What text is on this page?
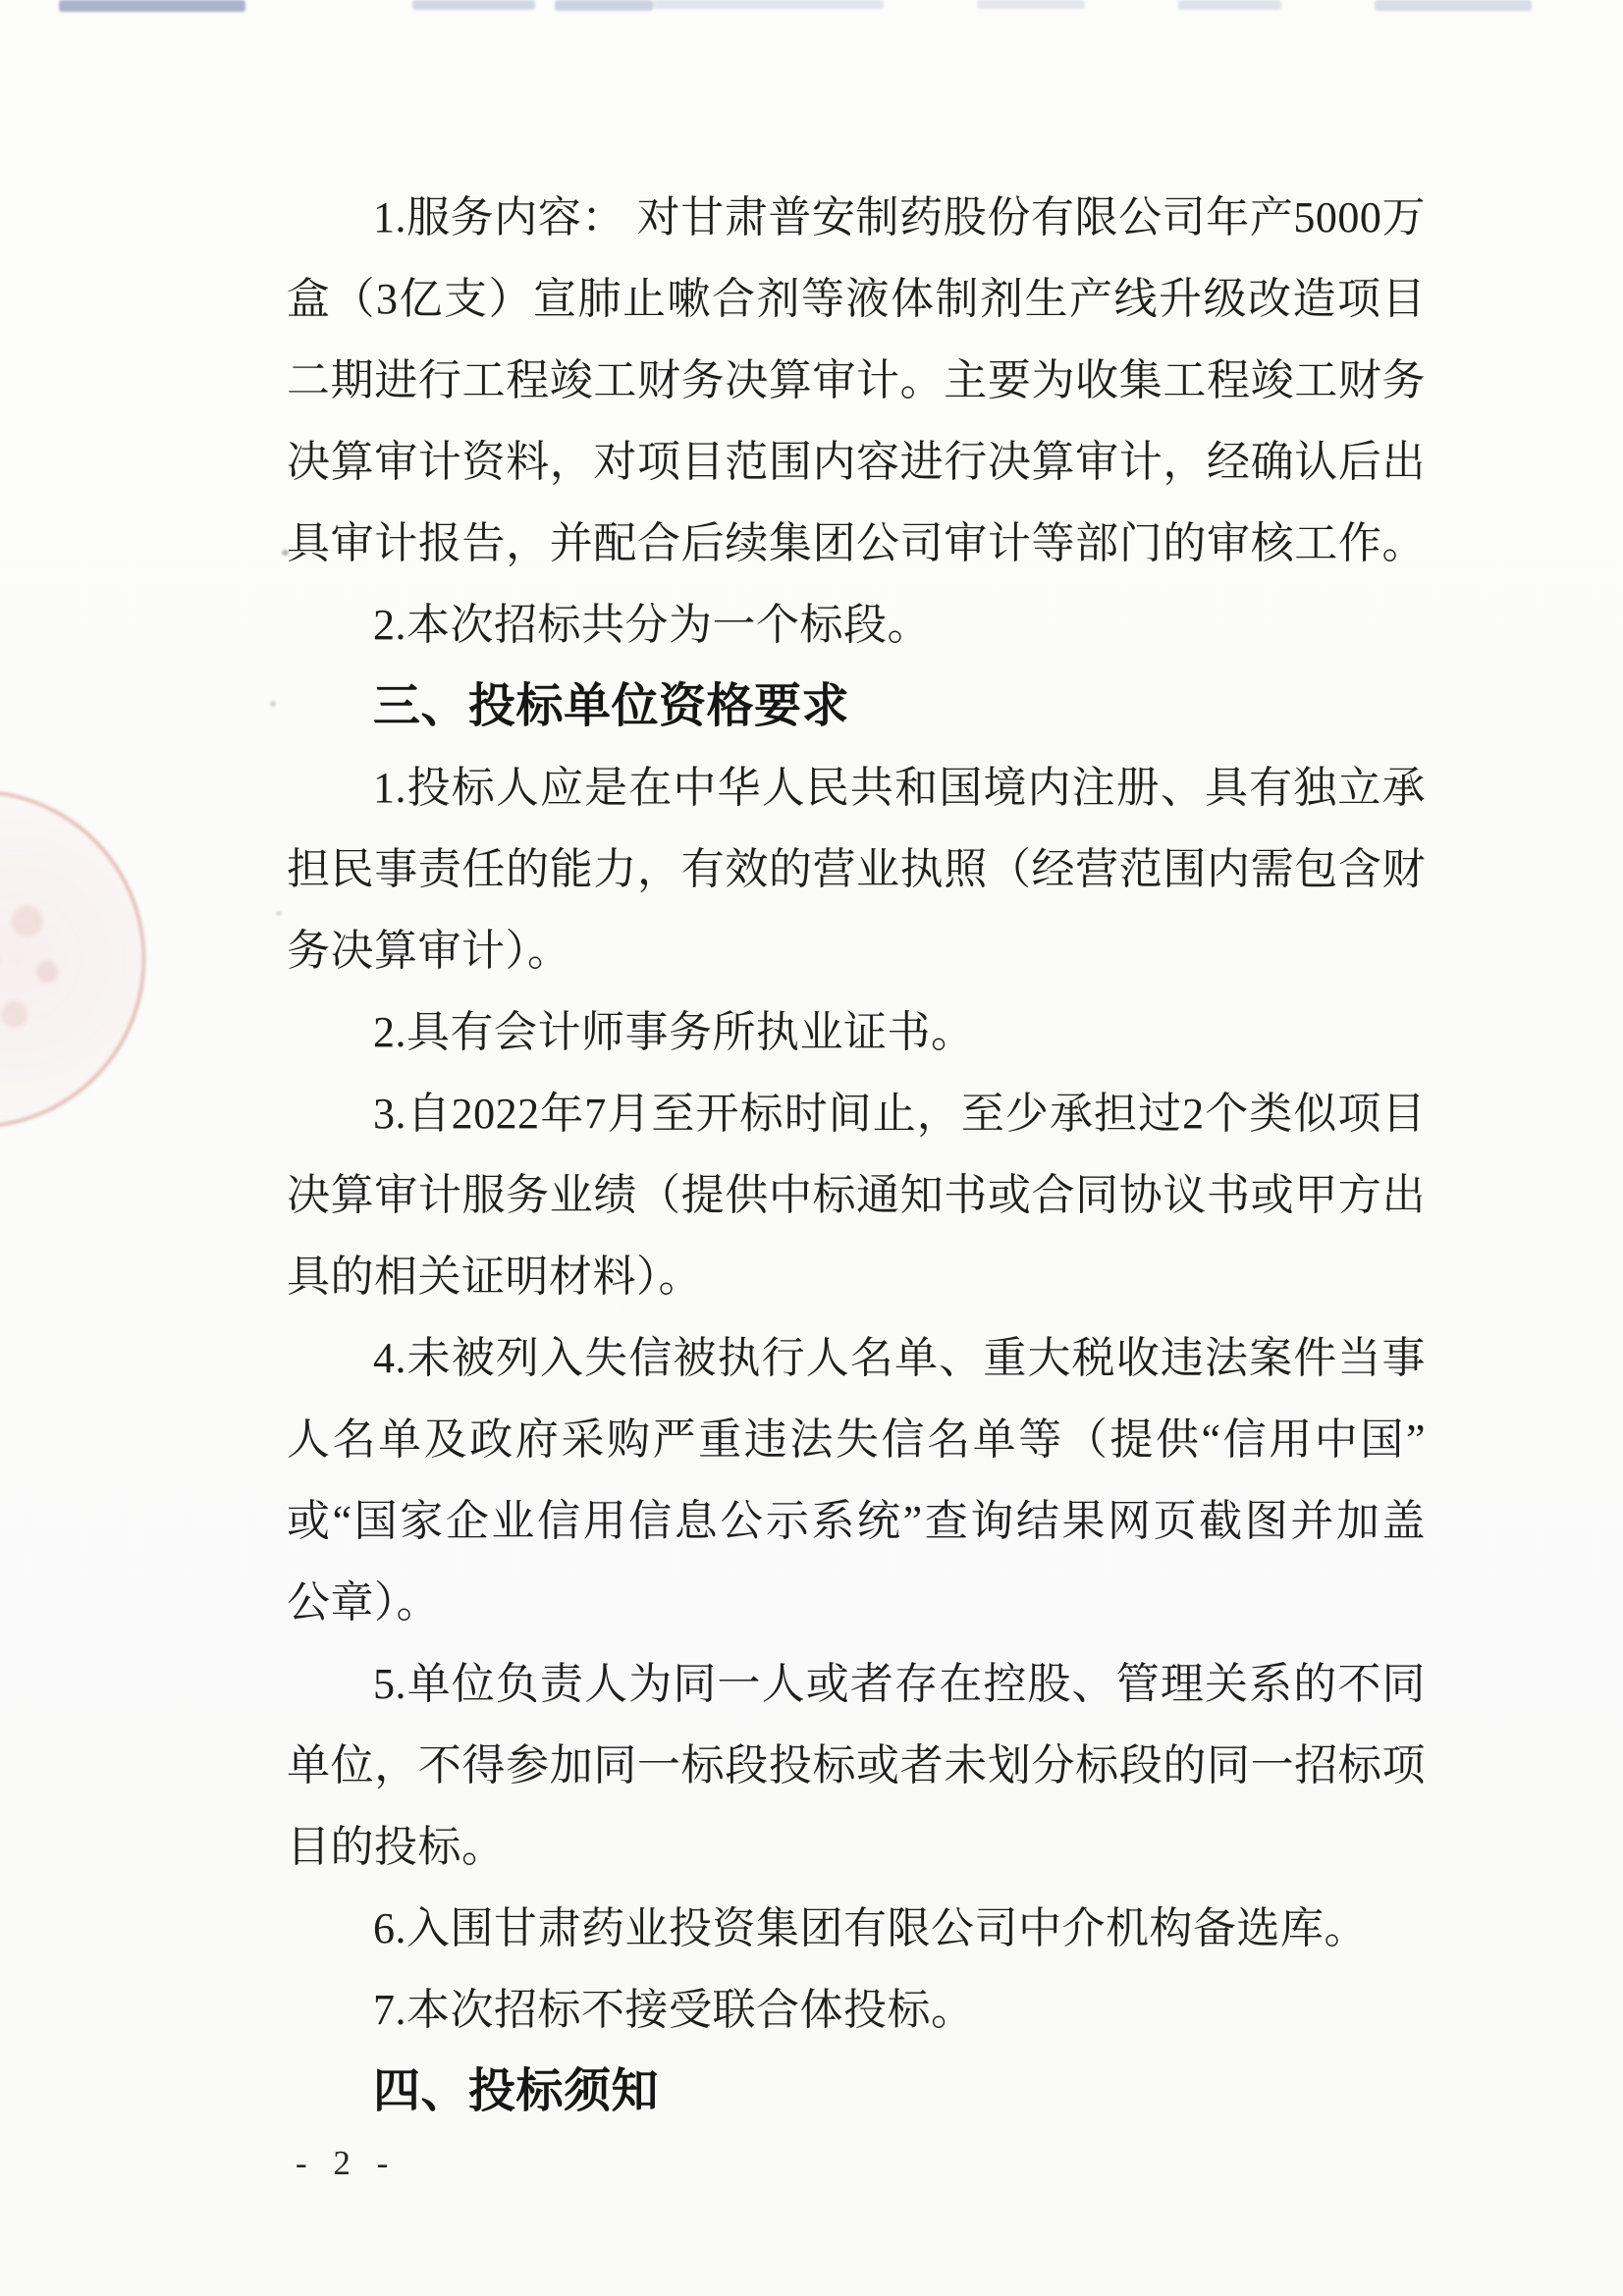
1.服务内容： 对甘肃普安制药股份有限公司年产5000万
盒（3亿支）宣肺止嗽合剂等液体制剂生产线升级改造项目
二期进行工程竣工财务决算审计。主要为收集工程竣工财务
决算审计资料，对项目范围内容进行决算审计，经确认后出
具审计报告，并配合后续集团公司审计等部门的审核工作。
2.本次招标共分为一个标段。
三、投标单位资格要求
1.投标人应是在中华人民共和国境内注册、具有独立承
担民事责任的能力，有效的营业执照（经营范围内需包含财
务决算审计）。
2.具有会计师事务所执业证书。
3.自2022年7月至开标时间止，至少承担过2个类似项目
决算审计服务业绩（提供中标通知书或合同协议书或甲方出
具的相关证明材料）。
4.未被列入失信被执行人名单、重大税收违法案件当事
人名单及政府采购严重违法失信名单等（提供“信用中国”
或“国家企业信用信息公示系统”查询结果网页截图并加盖
公章）。
5.单位负责人为同一人或者存在控股、管理关系的不同
单位，不得参加同一标段投标或者未划分标段的同一招标项
目的投标。
6.入围甘肃药业投资集团有限公司中介机构备选库。
7.本次招标不接受联合体投标。
四、投标须知
- 2 -
